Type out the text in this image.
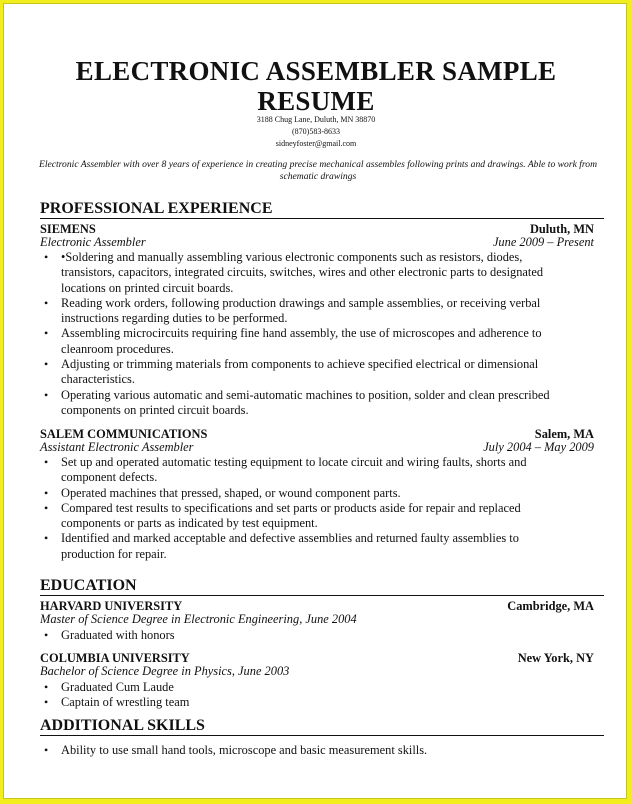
ELECTRONIC ASSEMBLER SAMPLE
RESUME
3188 Chug Lane, Duluth, MN 38870
(870)583-8633
sidneyfoster@gmail.com
Electronic Assembler with over 8 years of experience in creating precise mechanical assembles following prints and drawings. Able to work from schematic drawings
PROFESSIONAL EXPERIENCE
SIEMENS	Duluth, MN
Electronic Assembler	June 2009 – Present
• •Soldering and manually assembling various electronic components such as resistors, diodes, transistors, capacitors, integrated circuits, switches, wires and other electronic parts to designated locations on printed circuit boards.
• Reading work orders, following production drawings and sample assemblies, or receiving verbal instructions regarding duties to be performed.
• Assembling microcircuits requiring fine hand assembly, the use of microscopes and adherence to cleanroom procedures.
• Adjusting or trimming materials from components to achieve specified electrical or dimensional characteristics.
• Operating various automatic and semi-automatic machines to position, solder and clean prescribed components on printed circuit boards.
SALEM COMMUNICATIONS	Salem, MA
Assistant Electronic Assembler	July 2004 – May 2009
• Set up and operated automatic testing equipment to locate circuit and wiring faults, shorts and component defects.
• Operated machines that pressed, shaped, or wound component parts.
• Compared test results to specifications and set parts or products aside for repair and replaced components or parts as indicated by test equipment.
• Identified and marked acceptable and defective assemblies and returned faulty assemblies to production for repair.
EDUCATION
HARVARD UNIVERSITY	Cambridge, MA
Master of Science Degree in Electronic Engineering, June 2004
• Graduated with honors
COLUMBIA UNIVERSITY	New York, NY
Bachelor of Science Degree in Physics, June 2003
• Graduated Cum Laude
• Captain of wrestling team
ADDITIONAL SKILLS
• Ability to use small hand tools, microscope and basic measurement skills.
